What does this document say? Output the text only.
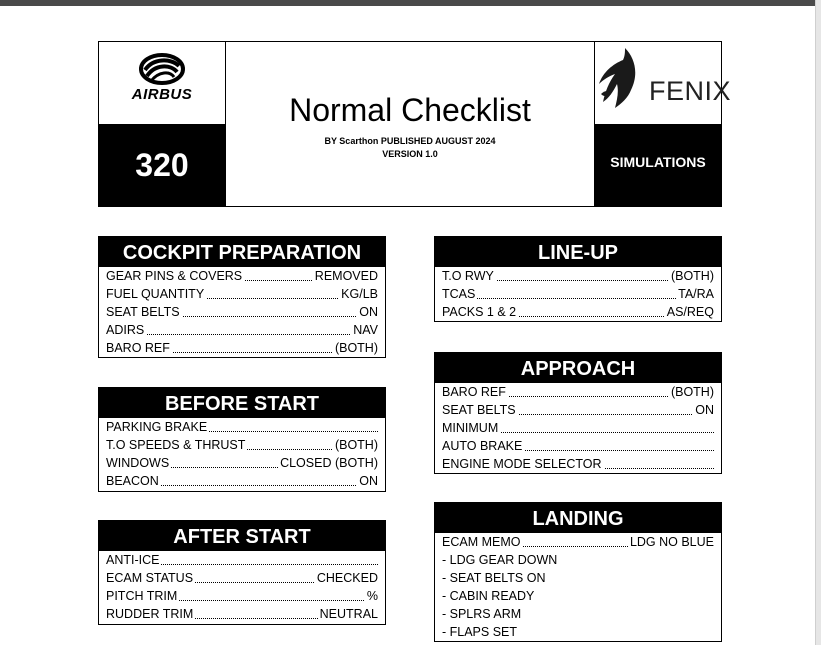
AIRBUS
320
Normal Checklist
BY Scarthon PUBLISHED AUGUST 2024
VERSION 1.0
FENIX
SIMULATIONS
COCKPIT PREPARATION
GEAR PINS & COVERS	REMOVED
FUEL QUANTITY	KG/LB
SEAT BELTS	ON
ADIRS	NAV
BARO REF	(BOTH)
BEFORE START
PARKING BRAKE
T.O SPEEDS & THRUST	(BOTH)
WINDOWS	CLOSED (BOTH)
BEACON	ON
AFTER START
ANTI-ICE
ECAM STATUS	CHECKED
PITCH TRIM	%
RUDDER TRIM	NEUTRAL
LINE-UP
T.O RWY	(BOTH)
TCAS	TA/RA
PACKS 1 & 2	AS/REQ
APPROACH
BARO REF	(BOTH)
SEAT BELTS	ON
MINIMUM
AUTO BRAKE
ENGINE MODE SELECTOR
LANDING
ECAM MEMO	LDG NO BLUE
- LDG GEAR DOWN
- SEAT BELTS ON
- CABIN READY
- SPLRS ARM
- FLAPS SET
